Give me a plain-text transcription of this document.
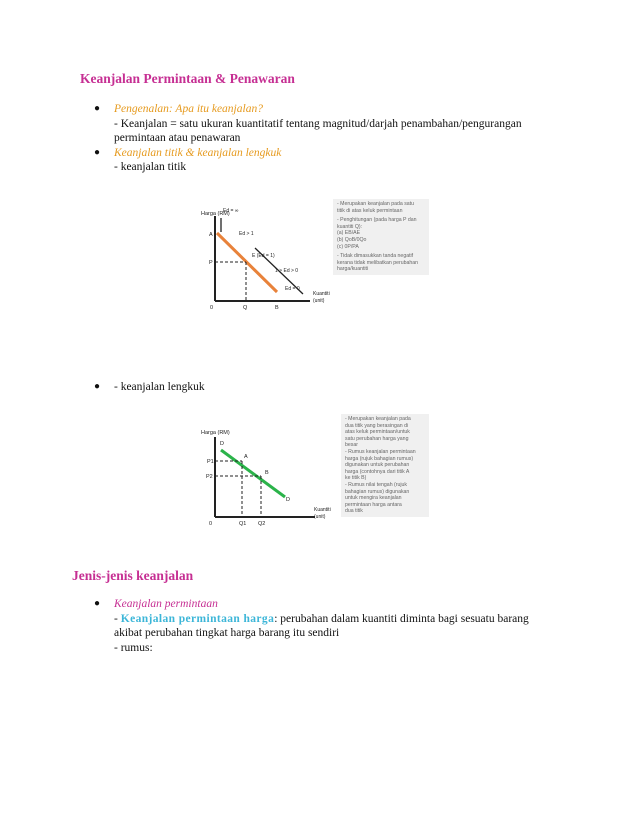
Keanjalan Permintaan & Penawaran
● Pengenalan: Apa itu keanjalan?
- Keanjalan = satu ukuran kuantitatif tentang magnitud/darjah penambahan/pengurangan
permintaan atau penawaran
● Keanjalan titik & keanjalan lengkuk
- keanjalan titik
Harga (RM)
Kuantiti
(unit)
Ed = ∞
A	Ed > 1
P
E (Ed = 1)
1 > Ed > 0
Ed = 0
0	Q	B
- Merupakan keanjalan pada satu
titik di atas keluk permintaan
- Penghitungan (pada harga P dan
kuantiti Q):
(a) EB/AE
(b) QoB/0Qo
(c) 0P/PA
- Tidak dimasukkan tanda negatif
kerana tidak melibatkan perubahan
harga/kuantiti
● - keanjalan lengkuk
Harga (RM)
Kuantiti
(unit)
D
A
P1
B
P2
D
0	Q1 Q2
- Merupakan keanjalan pada
dua titik yang berasingan di
atas keluk permintaan/untuk
satu perubahan harga yang
besar
- Rumus keanjalan permintaan
harga (rujuk bahagian rumus)
digunakan untuk perubahan
harga (contohnya dari titik A
ke titik B)
- Rumus nilai tengah (rujuk
bahagian rumus) digunakan
untuk mengira keanjalan
permintaan harga antara
dua titik
Jenis-jenis keanjalan
● Keanjalan permintaan
- Keanjalan permintaan harga: perubahan dalam kuantiti diminta bagi sesuatu barang
akibat perubahan tingkat harga barang itu sendiri
- rumus:
